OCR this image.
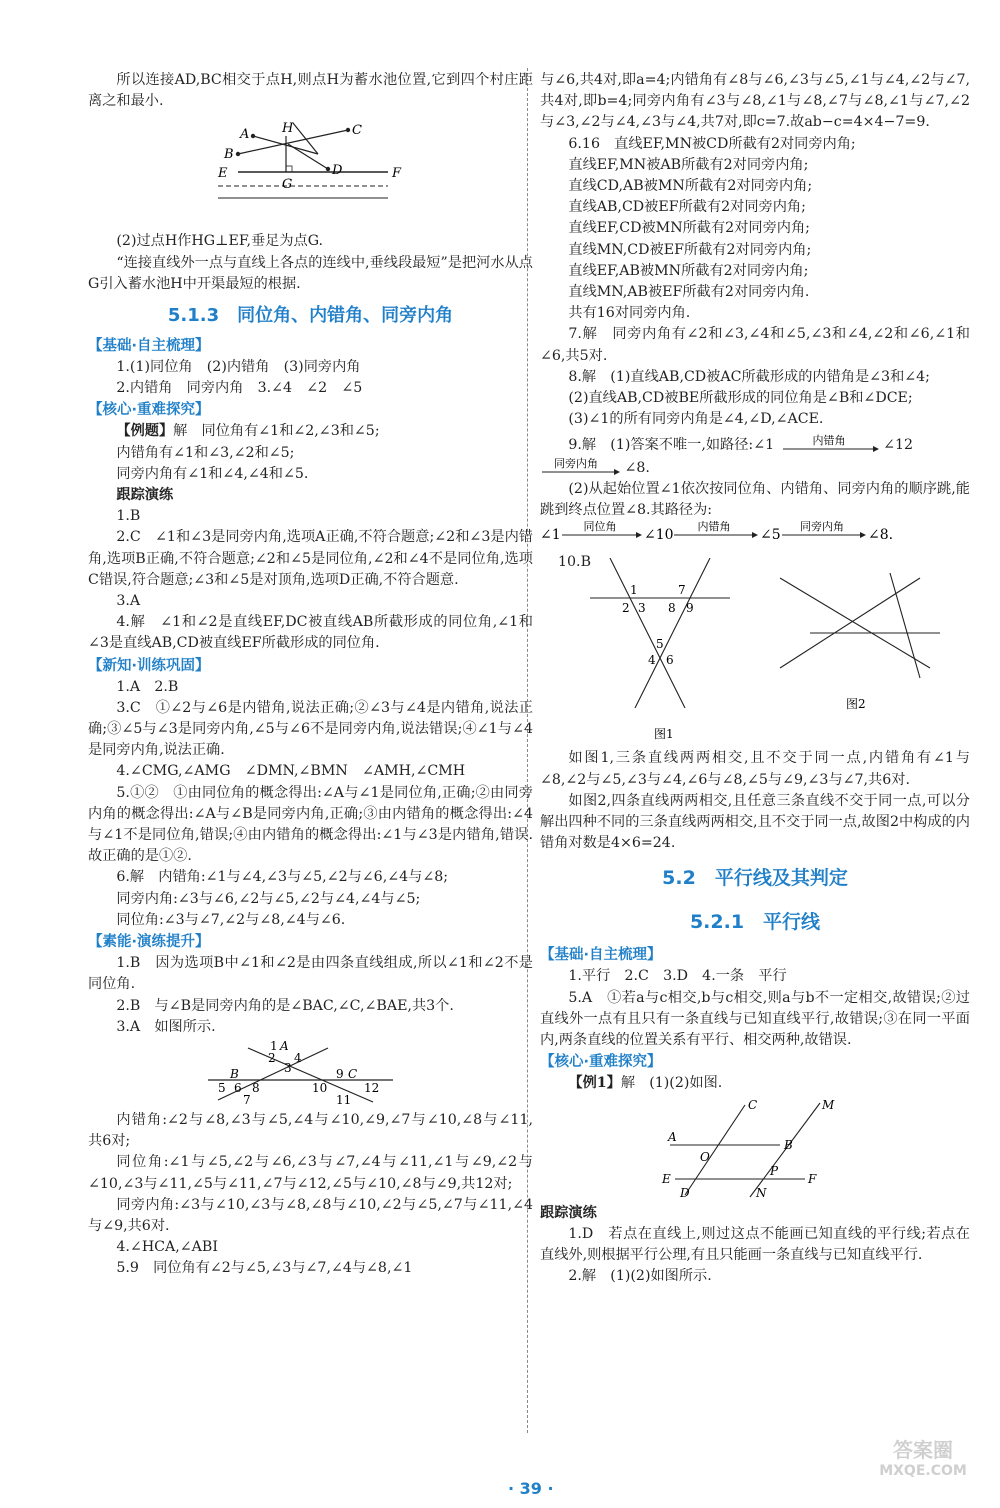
所以连接AD,BC相交于点H,则点H为蓄水池位置,它到四个村庄距离之和最小.

A	H	C
B
D
E
G
F

(2)过点H作HG⊥EF,垂足为点G.

“连接直线外一点与直线上各点的连线中,垂线段最短”是把河水从点G引入蓄水池H中开渠最短的根据.

5.1.3　同位角、内错角、同旁内角

【基础·自主梳理】

1.(1)同位角　(2)内错角　(3)同旁内角

2.内错角　同旁内角　3.∠4　∠2　∠5

【核心·重难探究】

【例题】解　同位角有∠1和∠2,∠3和∠5;

内错角有∠1和∠3,∠2和∠5;

同旁内角有∠1和∠4,∠4和∠5.

跟踪演练

1.B

2.C　∠1和∠3是同旁内角,选项A正确,不符合题意;∠2和∠3是内错角,选项B正确,不符合题意;∠2和∠5是同位角,∠2和∠4不是同位角,选项C错误,符合题意;∠3和∠5是对顶角,选项D正确,不符合题意.

3.A

4.解　∠1和∠2是直线EF,DC被直线AB所截形成的同位角,∠1和∠3是直线AB,CD被直线EF所截形成的同位角.

【新知·训练巩固】

1.A　2.B

3.C　①∠2与∠6是内错角,说法正确;②∠3与∠4是内错角,说法正确;③∠5与∠3是同旁内角,∠5与∠6不是同旁内角,说法错误;④∠1与∠4是同旁内角,说法正确.

4.∠CMG,∠AMG　∠DMN,∠BMN　∠AMH,∠CMH

5.①②　①由同位角的概念得出:∠A与∠1是同位角,正确;②由同旁内角的概念得出:∠A与∠B是同旁内角,正确;③由内错角的概念得出:∠4与∠1不是同位角,错误;④由内错角的概念得出:∠1与∠3是内错角,错误.故正确的是①②.

6.解　内错角:∠1与∠4,∠3与∠5,∠2与∠6,∠4与∠8;

同旁内角:∠3与∠6,∠2与∠5,∠2与∠4,∠4与∠5;

同位角:∠3与∠7,∠2与∠8,∠4与∠6.

【素能·演练提升】

1.B　因为选项B中∠1和∠2是由四条直线组成,所以∠1和∠2不是同位角.

2.B　与∠B是同旁内角的是∠BAC,∠C,∠BAE,共3个.

3.A　如图所示.

1 A
2 4
3
B	C
5 6 8	10
9
7	11
12

内错角:∠2与∠8,∠3与∠5,∠4与∠10,∠9,∠7与∠10,∠8与∠11,共6对;

同位角:∠1与∠5,∠2与∠6,∠3与∠7,∠4与∠11,∠1与∠9,∠2与∠10,∠3与∠11,∠5与∠11,∠7与∠12,∠5与∠10,∠8与∠9,共12对;

同旁内角:∠3与∠10,∠3与∠8,∠8与∠10,∠2与∠5,∠7与∠11,∠4与∠9,共6对.

4.∠HCA,∠ABI

5.9　同位角有∠2与∠5,∠3与∠7,∠4与∠8,∠1

与∠6,共4对,即a=4;内错角有∠8与∠6,∠3与∠5,∠1与∠4,∠2与∠7,共4对,即b=4;同旁内角有∠3与∠8,∠1与∠8,∠7与∠8,∠1与∠7,∠2与∠3,∠2与∠4,∠3与∠4,共7对,即c=7.故ab−c=4×4−7=9.

6.16　直线EF,MN被CD所截有2对同旁内角;

直线EF,MN被AB所截有2对同旁内角;

直线CD,AB被MN所截有2对同旁内角;

直线AB,CD被EF所截有2对同旁内角;

直线EF,CD被MN所截有2对同旁内角;

直线MN,CD被EF所截有2对同旁内角;

直线EF,AB被MN所截有2对同旁内角;

直线MN,AB被EF所截有2对同旁内角.

共有16对同旁内角.

7.解　同旁内角有∠2和∠3,∠4和∠5,∠3和∠4,∠2和∠6,∠1和∠6,共5对.

8.解　(1)直线AB,CD被AC所截形成的内错角是∠3和∠4;

(2)直线AB,CD被BE所截形成的同位角是∠B和∠DCE;

(3)∠1的所有同旁内角是∠4,∠D,∠ACE.

9.解　(1)答案不唯一,如路径:∠1	内错角	∠12

同旁内角 ∠8.

(2)从起始位置∠1依次按同位角、内错角、同旁内角的顺序跳,能跳到终点位置∠8.其路径为:

∠1
同位角
∠10
内错角
∠5
同旁内角
∠8.
10.B
1	7
2 3 8 9
5
4 6
图1
图2

如图1,三条直线两两相交,且不交于同一点,内错角有∠1与∠8,∠2与∠5,∠3与∠4,∠6与∠8,∠5与∠9,∠3与∠7,共6对.

如图2,四条直线两两相交,且任意三条直线不交于同一点,可以分解出四种不同的三条直线两两相交,且不交于同一点,故图2中构成的内错角对数是4×6=24.

5.2　平行线及其判定
5.2.1　平行线

【基础·自主梳理】

1.平行　2.C　3.D　4.一条　平行

5.A　①若a与c相交,b与c相交,则a与b不一定相交,故错误;②过直线外一点有且只有一条直线与已知直线平行,故错误;③在同一平面内,两条直线的位置关系有平行、相交两种,故错误.

【核心·重难探究】

【例1】解　(1)(2)如图.

C	M
A
B
O
P
E	F
D	N

跟踪演练

1.D　若点在直线上,则过这点不能画已知直线的平行线;若点在直线外,则根据平行公理,有且只能画一条直线与已知直线平行.

2.解　(1)(2)如图所示.

· 39 ·
答案圈
MXQE.COM
